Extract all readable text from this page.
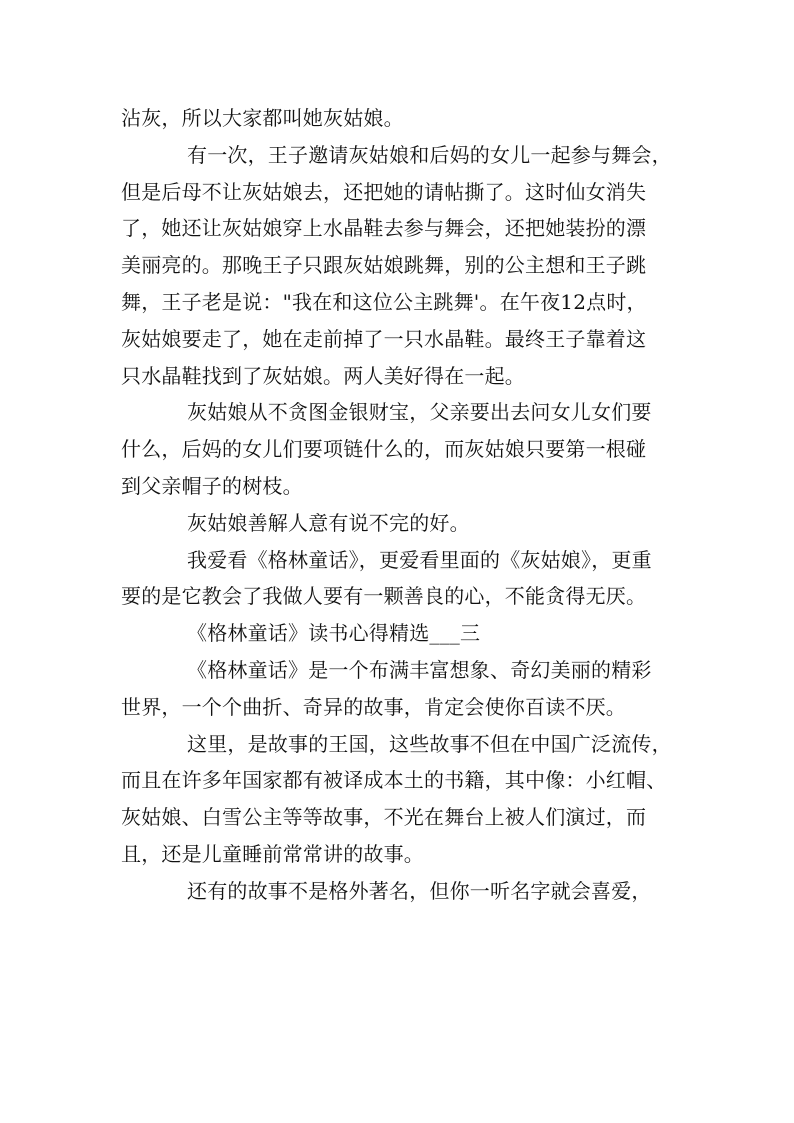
沾灰，所以大家都叫她灰姑娘。
有一次，王子邀请灰姑娘和后妈的女儿一起参与舞会，
但是后母不让灰姑娘去，还把她的请帖撕了。这时仙女消失
了，她还让灰姑娘穿上水晶鞋去参与舞会，还把她装扮的漂
美丽亮的。那晚王子只跟灰姑娘跳舞，别的公主想和王子跳
舞，王子老是说："我在和这位公主跳舞'。在午夜12点时，
灰姑娘要走了，她在走前掉了一只水晶鞋。最终王子靠着这
只水晶鞋找到了灰姑娘。两人美好得在一起。
灰姑娘从不贪图金银财宝，父亲要出去问女儿女们要
什么，后妈的女儿们要项链什么的，而灰姑娘只要第一根碰
到父亲帽子的树枝。
灰姑娘善解人意有说不完的好。
我爱看《格林童话》，更爱看里面的《灰姑娘》，更重
要的是它教会了我做人要有一颗善良的心，不能贪得无厌。
《格林童话》读书心得精选___三
《格林童话》是一个布满丰富想象、奇幻美丽的精彩
世界，一个个曲折、奇异的故事，肯定会使你百读不厌。
这里，是故事的王国，这些故事不但在中国广泛流传，
而且在许多年国家都有被译成本土的书籍，其中像：小红帽、
灰姑娘、白雪公主等等故事，不光在舞台上被人们演过，而
且，还是儿童睡前常常讲的故事。
还有的故事不是格外著名，但你一听名字就会喜爱，
